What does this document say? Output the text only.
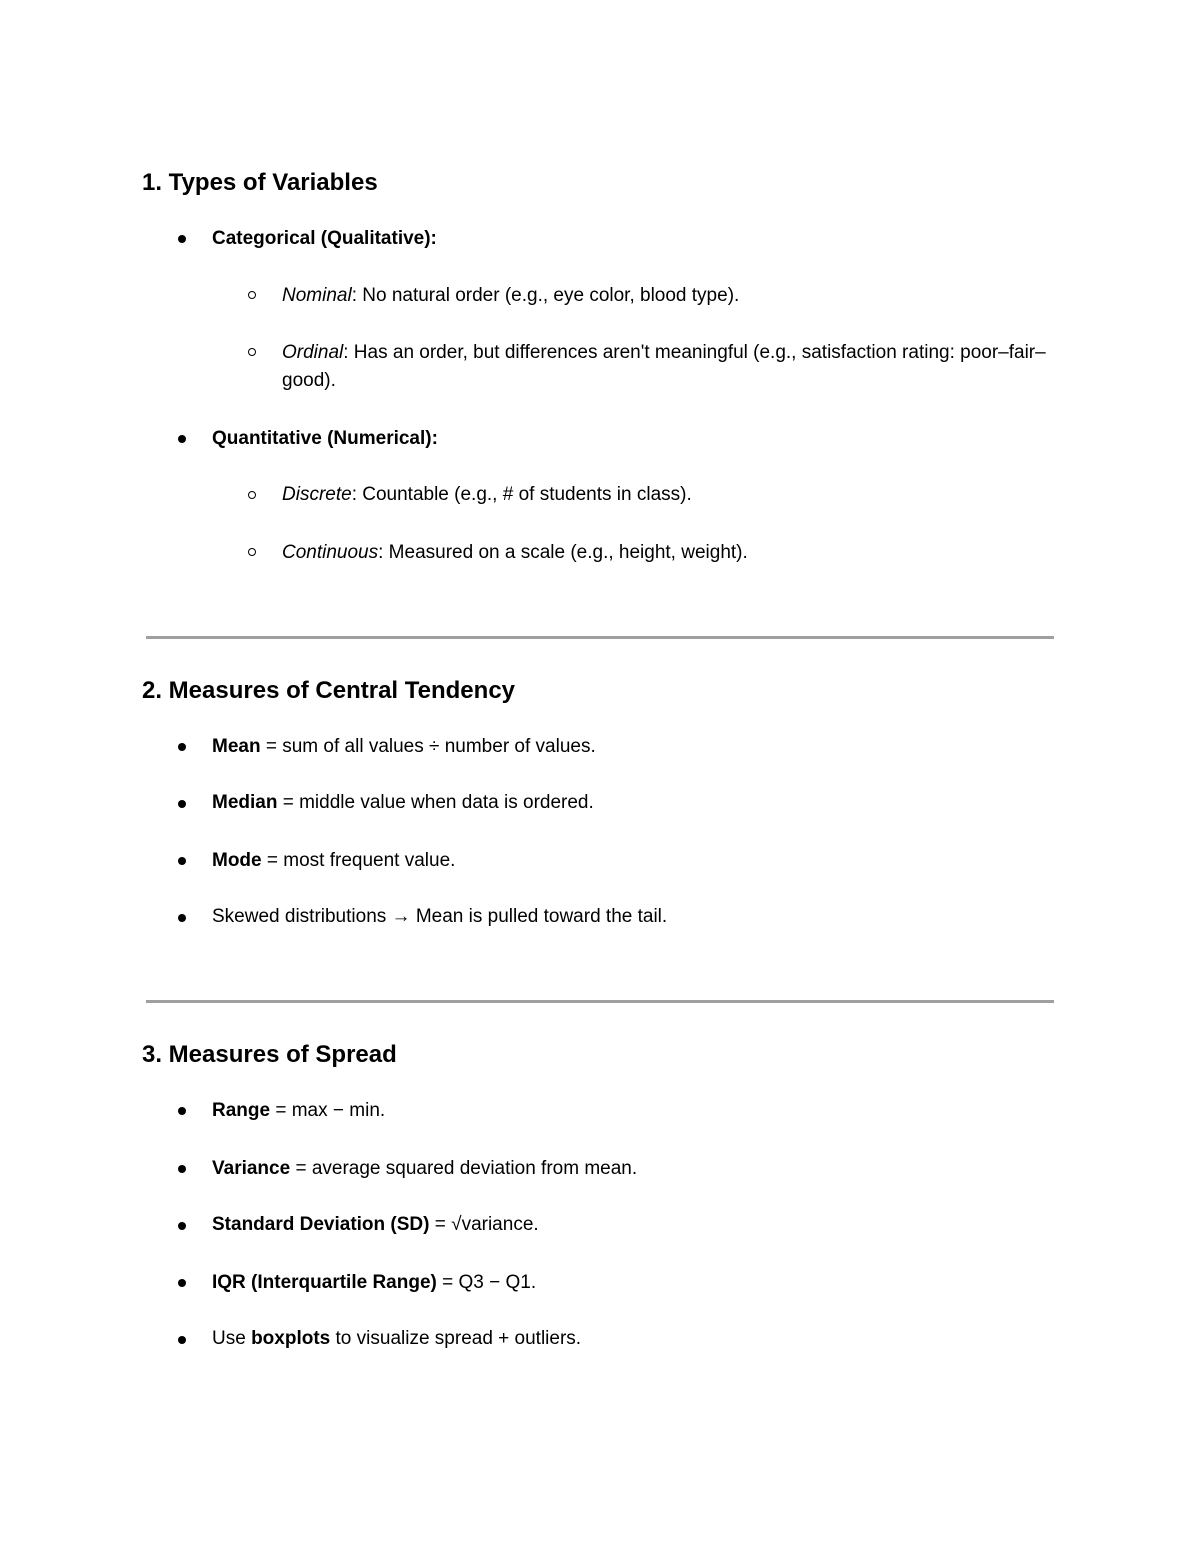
1. Types of Variables

Categorical (Qualitative):

Nominal: No natural order (e.g., eye color, blood type).

Ordinal: Has an order, but differences aren't meaningful (e.g., satisfaction rating: poor–fair–good).

Quantitative (Numerical):

Discrete: Countable (e.g., # of students in class).

Continuous: Measured on a scale (e.g., height, weight).

2. Measures of Central Tendency

Mean = sum of all values ÷ number of values.

Median = middle value when data is ordered.

Mode = most frequent value.

Skewed distributions → Mean is pulled toward the tail.

3. Measures of Spread

Range = max − min.

Variance = average squared deviation from mean.

Standard Deviation (SD) = √variance.

IQR (Interquartile Range) = Q3 − Q1.

Use boxplots to visualize spread + outliers.
